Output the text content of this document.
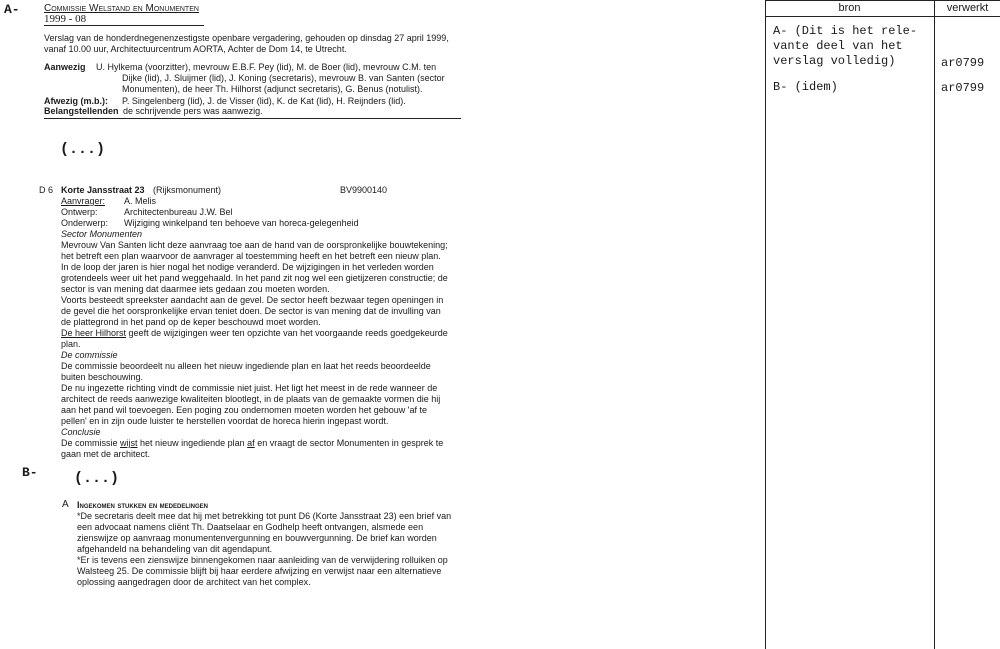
A-
B-
Commissie Welstand en Monumenten
1999 - 08
Verslag van de honderdnegenenzestigste openbare vergadering, gehouden op dinsdag 27 april 1999,
vanaf 10.00 uur, Architectuurcentrum AORTA, Achter de Dom 14, te Utrecht.
Aanwezig U. Hylkema (voorzitter), mevrouw E.B.F. Pey (lid), M. de Boer (lid), mevrouw C.M. ten
Dijke (lid), J. Sluijmer (lid), J. Koning (secretaris), mevrouw B. van Santen (sector
Monumenten), de heer Th. Hilhorst (adjunct secretaris), G. Benus (notulist).
Afwezig (m.b.): P. Singelenberg (lid), J. de Visser (lid), K. de Kat (lid), H. Reijnders (lid).
Belangstellenden de schrijvende pers was aanwezig.
(...)
D 6 Korte Jansstraat 23 (Rijksmonument)	BV9900140
Aanvrager: A. Melis
Ontwerp:	Architectenbureau J.W. Bel
Onderwerp: Wijziging winkelpand ten behoeve van horeca-gelegenheid
Sector Monumenten
Mevrouw Van Santen licht deze aanvraag toe aan de hand van de oorspronkelijke bouwtekening;
het betreft een plan waarvoor de aanvrager al toestemming heeft en het betreft een nieuw plan.
In de loop der jaren is hier nogal het nodige veranderd. De wijzigingen in het verleden worden
grotendeels weer uit het pand weggehaald. In het pand zit nog wel een gietijzeren constructie; de
sector is van mening dat daarmee iets gedaan zou moeten worden.
Voorts besteedt spreekster aandacht aan de gevel. De sector heeft bezwaar tegen openingen in
de gevel die het oorspronkelijke ervan teniet doen. De sector is van mening dat de invulling van
de plattegrond in het pand op de keper beschouwd moet worden.
De heer Hilhorst geeft de wijzigingen weer ten opzichte van het voorgaande reeds goedgekeurde
plan.
De commissie
De commissie beoordeelt nu alleen het nieuw ingediende plan en laat het reeds beoordeelde
buiten beschouwing.
De nu ingezette richting vindt de commissie niet juist. Het ligt het meest in de rede wanneer de
architect de reeds aanwezige kwaliteiten blootlegt, in de plaats van de gemaakte vormen die hij
aan het pand wil toevoegen. Een poging zou ondernomen moeten worden het gebouw 'af te
pellen' en in zijn oude luister te herstellen voordat de horeca hierin ingepast wordt.
Conclusie
De commissie wijst het nieuw ingediende plan af en vraagt de sector Monumenten in gesprek te
gaan met de architect.
(...)
A Ingekomen stukken en mededelingen
*De secretaris deelt mee dat hij met betrekking tot punt D6 (Korte Jansstraat 23) een brief van
een advocaat namens cliënt Th. Daatselaar en Godhelp heeft ontvangen, alsmede een
zienswijze op aanvraag monumentenvergunning en bouwvergunning. De brief kan worden
afgehandeld na behandeling van dit agendapunt.
*Er is tevens een zienswijze binnengekomen naar aanleiding van de verwijdering rolluiken op
Walsteeg 25. De commissie blijft bij haar eerdere afwijzing en verwijst naar een alternatieve
oplossing aangedragen door de architect van het complex.
bron	verwerkt
A- (Dit is het rele-
vante deel van het
verslag volledig)	ar0799
B- (idem)	ar0799
